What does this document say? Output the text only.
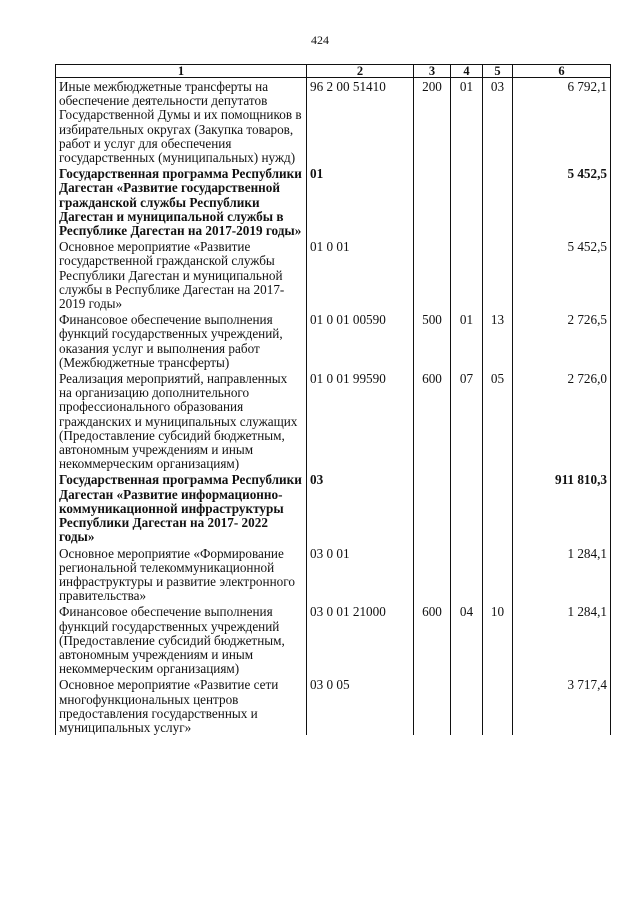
424
1	2	3	4	5	6
Иные межбюджетные трансферты на обеспечение деятельности депутатов Государственной Думы и их помощников в избирательных округах (Закупка товаров, работ и услуг для обеспечения государственных (муниципальных) нужд)	96 2 00 51410	200	01	03	6 792,1
Государственная программа Республики Дагестан «Развитие государственной гражданской службы Республики Дагестан и муниципальной службы в Республике Дагестан на 2017-2019 годы»	01				5 452,5
Основное мероприятие «Развитие государственной гражданской службы Республики Дагестан и муниципальной службы в Республике Дагестан на 2017-2019 годы»	01 0 01				5 452,5
Финансовое обеспечение выполнения функций государственных учреждений, оказания услуг и выполнения работ (Межбюджетные трансферты)	01 0 01 00590	500	01	13	2 726,5
Реализация мероприятий, направленных на организацию дополнительного профессионального образования гражданских и муниципальных служащих (Предоставление субсидий бюджетным, автономным учреждениям и иным некоммерческим организациям)	01 0 01 99590	600	07	05	2 726,0
Государственная программа Республики Дагестан «Развитие информационно-коммуникационной инфраструктуры Республики Дагестан на 2017- 2022 годы»	03				911 810,3
Основное мероприятие «Формирование региональной телекоммуникационной инфраструктуры и развитие электронного правительства»	03 0 01				1 284,1
Финансовое обеспечение выполнения функций государственных учреждений (Предоставление субсидий бюджетным, автономным учреждениям и иным некоммерческим организациям)	03 0 01 21000	600	04	10	1 284,1
Основное мероприятие «Развитие сети многофункциональных центров предоставления государственных и муниципальных услуг»	03 0 05				3 717,4
